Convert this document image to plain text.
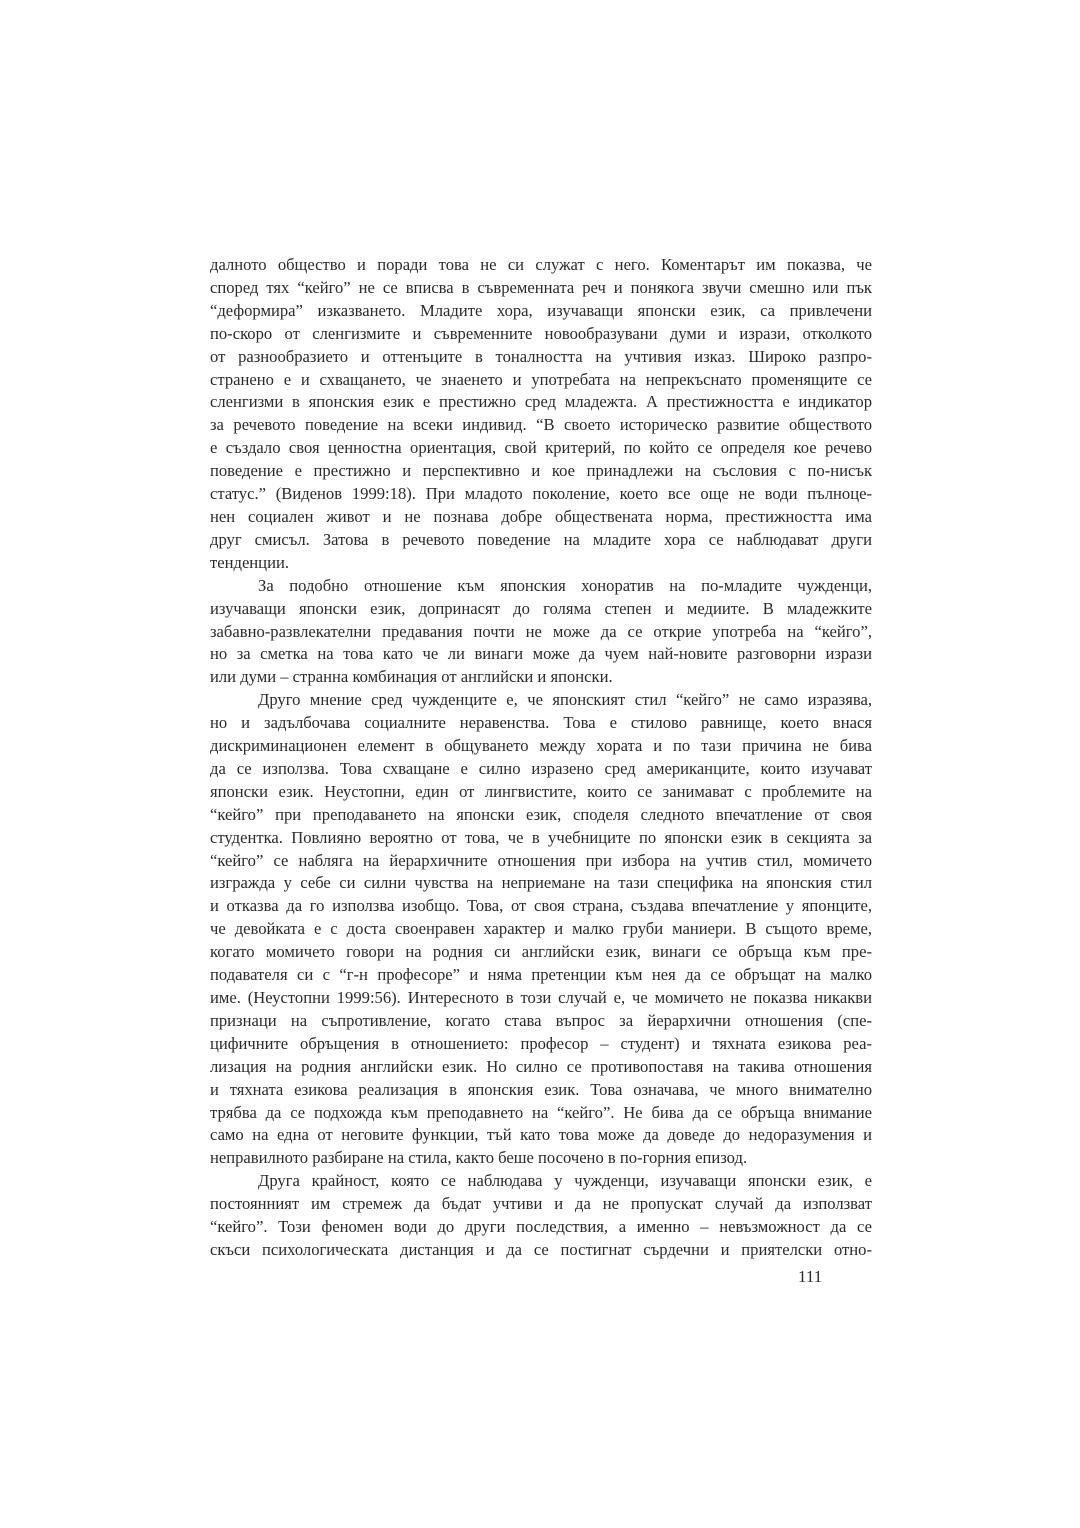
далното общество и поради това не си служат с него. Коментарът им показва, че
според тях “кейго” не се вписва в съвременната реч и понякога звучи смешно или пък
“деформира” изказването. Младите хора, изучаващи японски език, са привлечени
по-скоро от сленгизмите и съвременните новообразувани думи и изрази, отколкото
от разнообразието и оттенъците в тоналността на учтивия изказ. Широко разпро-
странено е и схващането, че знаенето и употребата на непрекъснато променящите се
сленгизми в японския език е престижно сред младежта. А престижността е индикатор
за речевото поведение на всеки индивид. “В своето историческо развитие обществото
е създало своя ценностна ориентация, свой критерий, по който се определя кое речево
поведение е престижно и перспективно и кое принадлежи на съсловия с по-нисък
статус.” (Виденов 1999:18). При младото поколение, което все още не води пълноце-
нен социален живот и не познава добре обществената норма, престижността има
друг смисъл. Затова в речевото поведение на младите хора се наблюдават други
тенденции.
За подобно отношение към японския хоноратив на по-младите чужденци,
изучаващи японски език, допринасят до голяма степен и медиите. В младежките
забавно-развлекателни предавания почти не може да се открие употреба на “кейго”,
но за сметка на това като че ли винаги може да чуем най-новите разговорни изрази
или думи – странна комбинация от английски и японски.
Друго мнение сред чужденците е, че японският стил “кейго” не само изразява,
но и задълбочава социалните неравенства. Това е стилово равнище, което внася
дискриминационен елемент в общуването между хората и по тази причина не бива
да се използва. Това схващане е силно изразено сред американците, които изучават
японски език. Неустопни, един от лингвистите, които се занимават с проблемите на
“кейго” при преподаването на японски език, споделя следното впечатление от своя
студентка. Повлияно вероятно от това, че в учебниците по японски език в секцията за
“кейго” се набляга на йерархичните отношения при избора на учтив стил, момичето
изгражда у себе си силни чувства на неприемане на тази специфика на японския стил
и отказва да го използва изобщо. Това, от своя страна, създава впечатление у японците,
че девойката е с доста своенравен характер и малко груби маниери. В същото време,
когато момичето говори на родния си английски език, винаги се обръща към пре-
подавателя си с “г-н професоре” и няма претенции към нея да се обръщат на малко
име. (Неустопни 1999:56). Интересното в този случай е, че момичето не показва никакви
признаци на съпротивление, когато става въпрос за йерархични отношения (спе-
цифичните обръщения в отношението: професор – студент) и тяхната езикова реа-
лизация на родния английски език. Но силно се противопоставя на такива отношения
и тяхната езикова реализация в японския език. Това означава, че много внимателно
трябва да се подхожда към преподавнето на “кейго”. Не бива да се обръща внимание
само на една от неговите функции, тъй като това може да доведе до недоразумения и
неправилното разбиране на стила, както беше посочено в по-горния епизод.
Друга крайност, която се наблюдава у чужденци, изучаващи японски език, е
постоянният им стремеж да бъдат учтиви и да не пропускат случай да използват
“кейго”. Този феномен води до други последствия, а именно – невъзможност да се
скъси психологическата дистанция и да се постигнат сърдечни и приятелски отно-
111
